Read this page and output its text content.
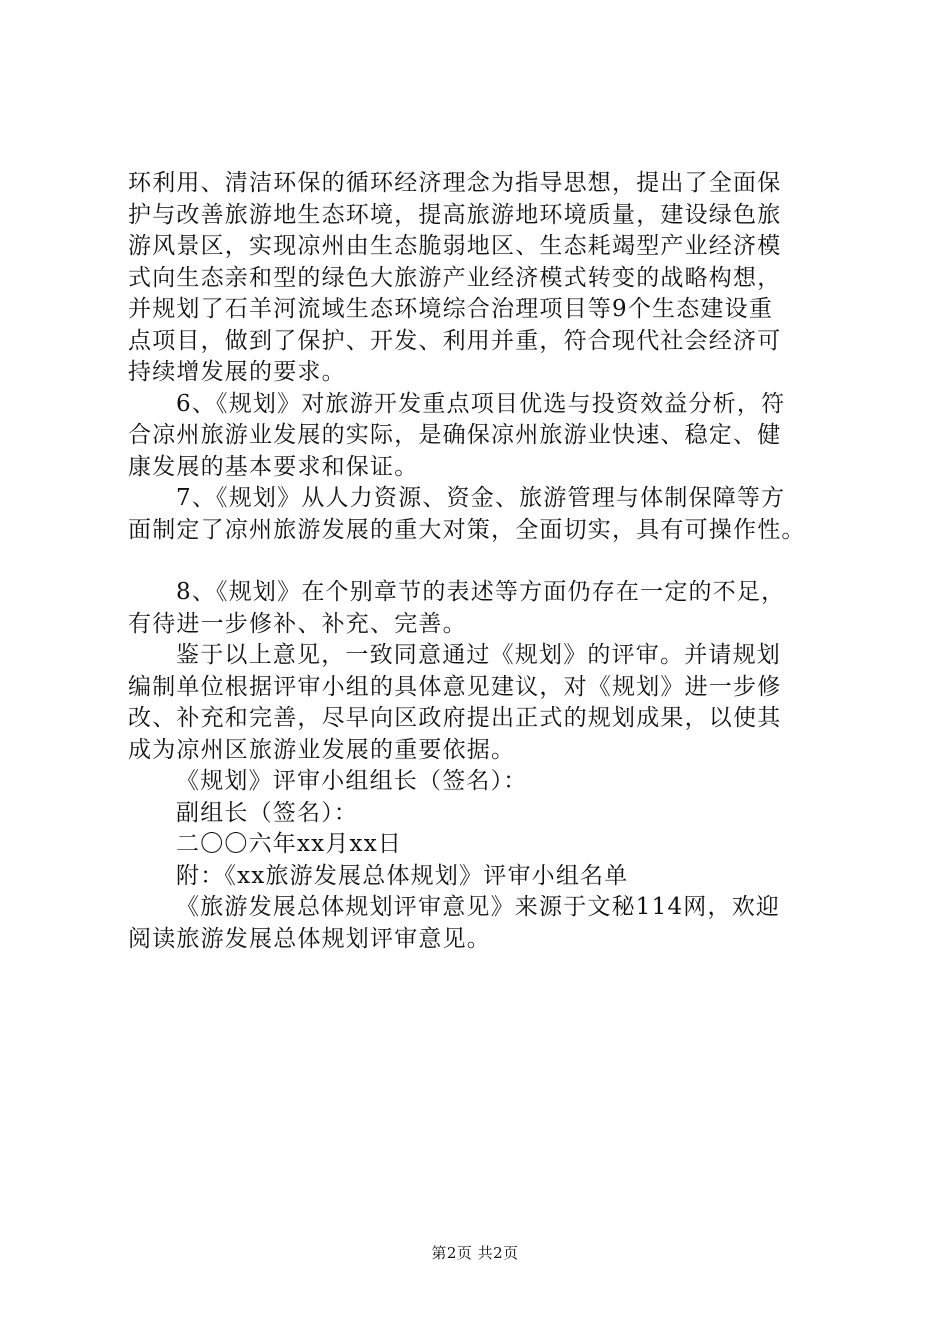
环利用、清洁环保的循环经济理念为指导思想，提出了全面保
护与改善旅游地生态环境，提高旅游地环境质量，建设绿色旅
游风景区，实现凉州由生态脆弱地区、生态耗竭型产业经济模
式向生态亲和型的绿色大旅游产业经济模式转变的战略构想，
并规划了石羊河流域生态环境综合治理项目等9个生态建设重
点项目，做到了保护、开发、利用并重，符合现代社会经济可
持续增发展的要求。

6、《规划》对旅游开发重点项目优选与投资效益分析，符
合凉州旅游业发展的实际，是确保凉州旅游业快速、稳定、健
康发展的基本要求和保证。

7、《规划》从人力资源、资金、旅游管理与体制保障等方
面制定了凉州旅游发展的重大对策，全面切实，具有可操作性。

8、《规划》在个别章节的表述等方面仍存在一定的不足，
有待进一步修补、补充、完善。

鉴于以上意见，一致同意通过《规划》的评审。并请规划
编制单位根据评审小组的具体意见建议，对《规划》进一步修
改、补充和完善，尽早向区政府提出正式的规划成果，以使其
成为凉州区旅游业发展的重要依据。

《规划》评审小组组长（签名）：

副组长（签名）：

二〇〇六年xx月xx日

附：《xx旅游发展总体规划》评审小组名单

《旅游发展总体规划评审意见》来源于文秘114网，欢迎
阅读旅游发展总体规划评审意见。

第2页 共2页
